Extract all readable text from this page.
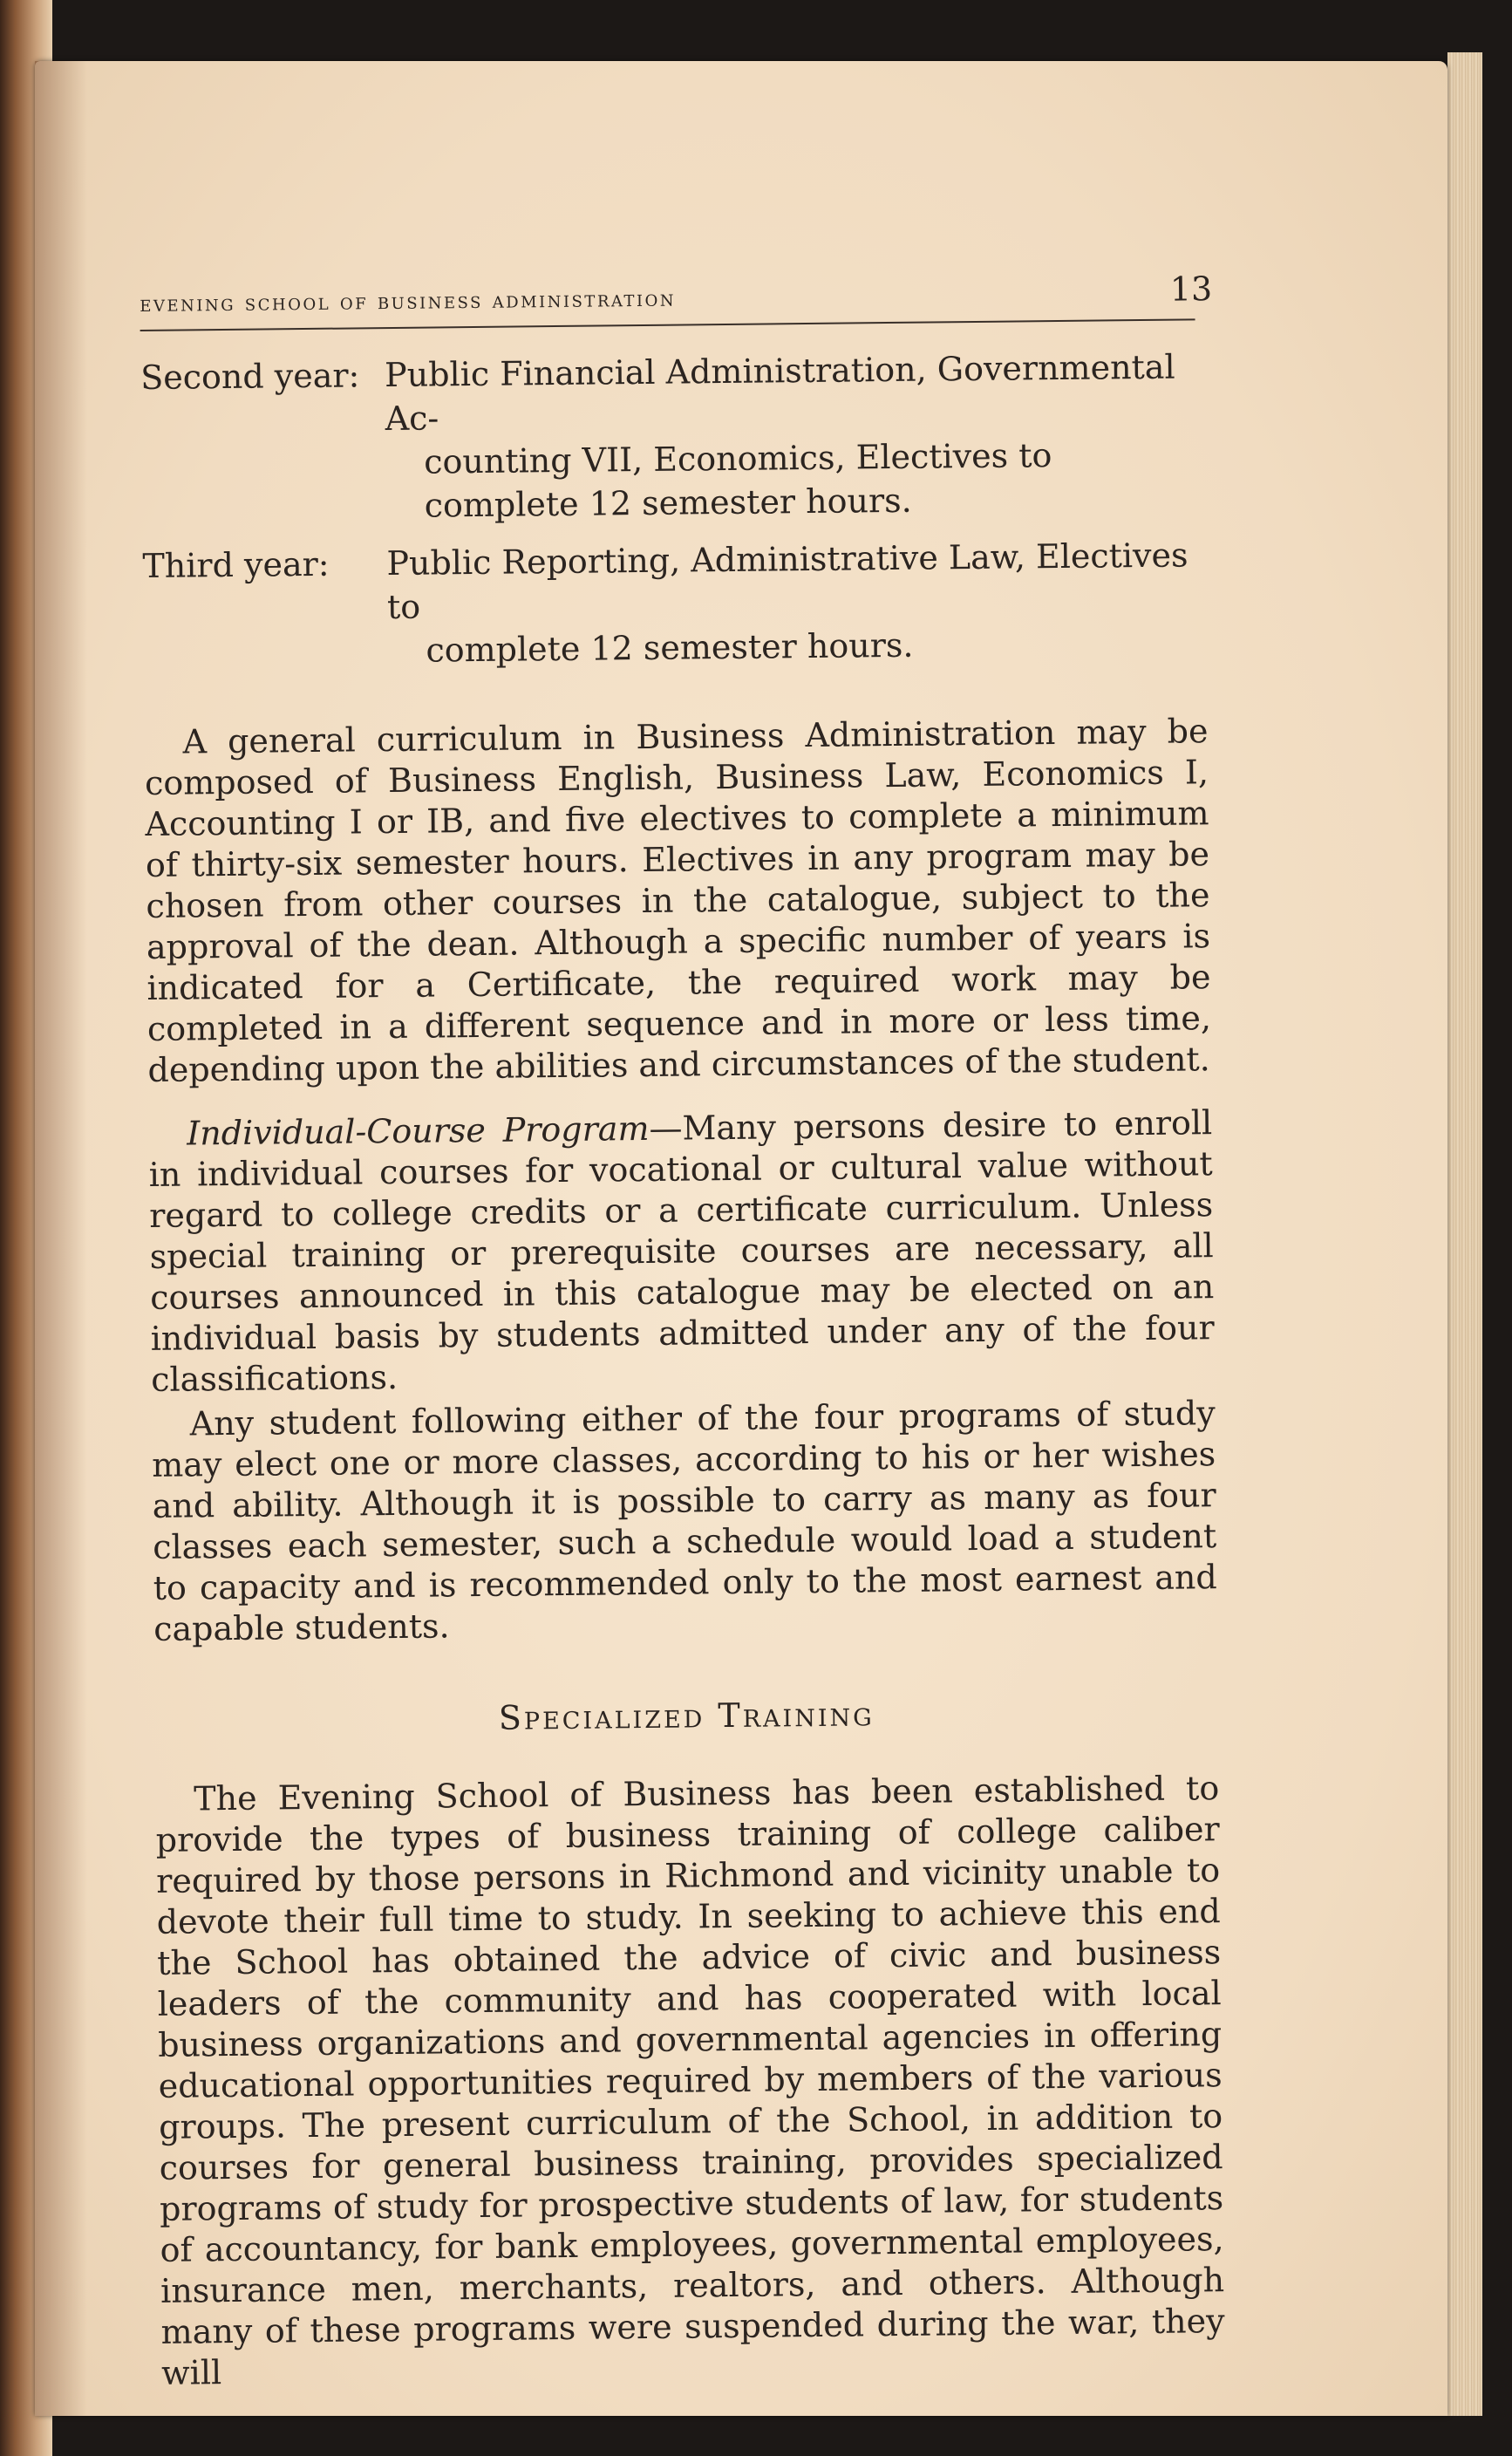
evening school of business administration	13
Second year: Public Financial Administration, Governmental Ac-
counting VII, Economics, Electives to complete 12 semester hours.
Third year:	Public Reporting, Administrative Law, Electives to
complete 12 semester hours.

A general curriculum in Business Administration may be composed of Business English, Business Law, Economics I, Accounting I or IB, and five electives to complete a minimum of thirty-six semester hours. Electives in any program may be chosen from other courses in the catalogue, subject to the approval of the dean. Although a specific number of years is indicated for a Certificate, the required work may be completed in a different sequence and in more or less time, depending upon the abilities and circumstances of the student.

Individual-Course Program—Many persons desire to enroll in individual courses for vocational or cultural value without regard to college credits or a certificate curriculum. Unless special training or prerequisite courses are necessary, all courses announced in this catalogue may be elected on an individual basis by students admitted under any of the four classifications.

Any student following either of the four programs of study may elect one or more classes, according to his or her wishes and ability. Although it is possible to carry as many as four classes each semester, such a schedule would load a student to capacity and is recommended only to the most earnest and capable students.

Specialized Training

The Evening School of Business has been established to provide the types of business training of college caliber required by those persons in Richmond and vicinity unable to devote their full time to study. In seeking to achieve this end the School has obtained the advice of civic and business leaders of the community and has cooperated with local business organizations and governmental agencies in offering educational opportunities required by members of the various groups. The present curriculum of the School, in addition to courses for general business training, provides specialized programs of study for prospective students of law, for students of accountancy, for bank employees, governmental employees, insurance men, merchants, realtors, and others. Although many of these programs were suspended during the war, they will
